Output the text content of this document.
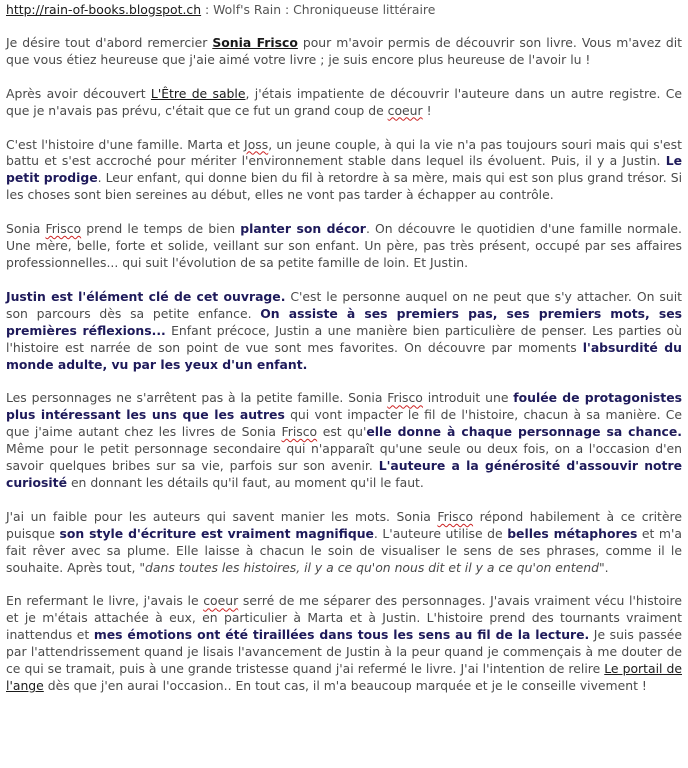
http://rain-of-books.blogspot.ch : Wolf's Rain : Chroniqueuse littéraire

Je désire tout d'abord remercier Sonia Frisco pour m'avoir permis de découvrir son livre. Vous m'avez dit que vous étiez heureuse que j'aie aimé votre livre ; je suis encore plus heureuse de l'avoir lu !

Après avoir découvert L'Être de sable, j'étais impatiente de découvrir l'auteure dans un autre registre. Ce que je n'avais pas prévu, c'était que ce fut un grand coup de coeur !

C'est l'histoire d'une famille. Marta et Joss, un jeune couple, à qui la vie n'a pas toujours souri mais qui s'est battu et s'est accroché pour mériter l'environnement stable dans lequel ils évoluent. Puis, il y a Justin. Le petit prodige. Leur enfant, qui donne bien du fil à retordre à sa mère, mais qui est son plus grand trésor. Si les choses sont bien sereines au début, elles ne vont pas tarder à échapper au contrôle.

Sonia Frisco prend le temps de bien planter son décor. On découvre le quotidien d'une famille normale. Une mère, belle, forte et solide, veillant sur son enfant. Un père, pas très présent, occupé par ses affaires professionnelles... qui suit l'évolution de sa petite famille de loin. Et Justin.

Justin est l'élément clé de cet ouvrage. C'est le personne auquel on ne peut que s'y attacher. On suit son parcours dès sa petite enfance. On assiste à ses premiers pas, ses premiers mots, ses premières réflexions... Enfant précoce, Justin a une manière bien particulière de penser. Les parties où l'histoire est narrée de son point de vue sont mes favorites. On découvre par moments l'absurdité du monde adulte, vu par les yeux d'un enfant.

Les personnages ne s'arrêtent pas à la petite famille. Sonia Frisco introduit une foulée de protagonistes plus intéressant les uns que les autres qui vont impacter le fil de l'histoire, chacun à sa manière. Ce que j'aime autant chez les livres de Sonia Frisco est qu'elle donne à chaque personnage sa chance. Même pour le petit personnage secondaire qui n'apparaît qu'une seule ou deux fois, on a l'occasion d'en savoir quelques bribes sur sa vie, parfois sur son avenir. L'auteure a la générosité d'assouvir notre curiosité en donnant les détails qu'il faut, au moment qu'il le faut.

J'ai un faible pour les auteurs qui savent manier les mots. Sonia Frisco répond habilement à ce critère puisque son style d'écriture est vraiment magnifique. L'auteure utilise de belles métaphores et m'a fait rêver avec sa plume. Elle laisse à chacun le soin de visualiser le sens de ses phrases, comme il le souhaite. Après tout, "dans toutes les histoires, il y a ce qu'on nous dit et il y a ce qu'on entend".

En refermant le livre, j'avais le coeur serré de me séparer des personnages. J'avais vraiment vécu l'histoire et je m'étais attachée à eux, en particulier à Marta et à Justin. L'histoire prend des tournants vraiment inattendus et mes émotions ont été tiraillées dans tous les sens au fil de la lecture. Je suis passée par l'attendrissement quand je lisais l'avancement de Justin à la peur quand je commençais à me douter de ce qui se tramait, puis à une grande tristesse quand j'ai refermé le livre. J'ai l'intention de relire Le portail de l'ange dès que j'en aurai l'occasion.. En tout cas, il m'a beaucoup marquée et je le conseille vivement !
